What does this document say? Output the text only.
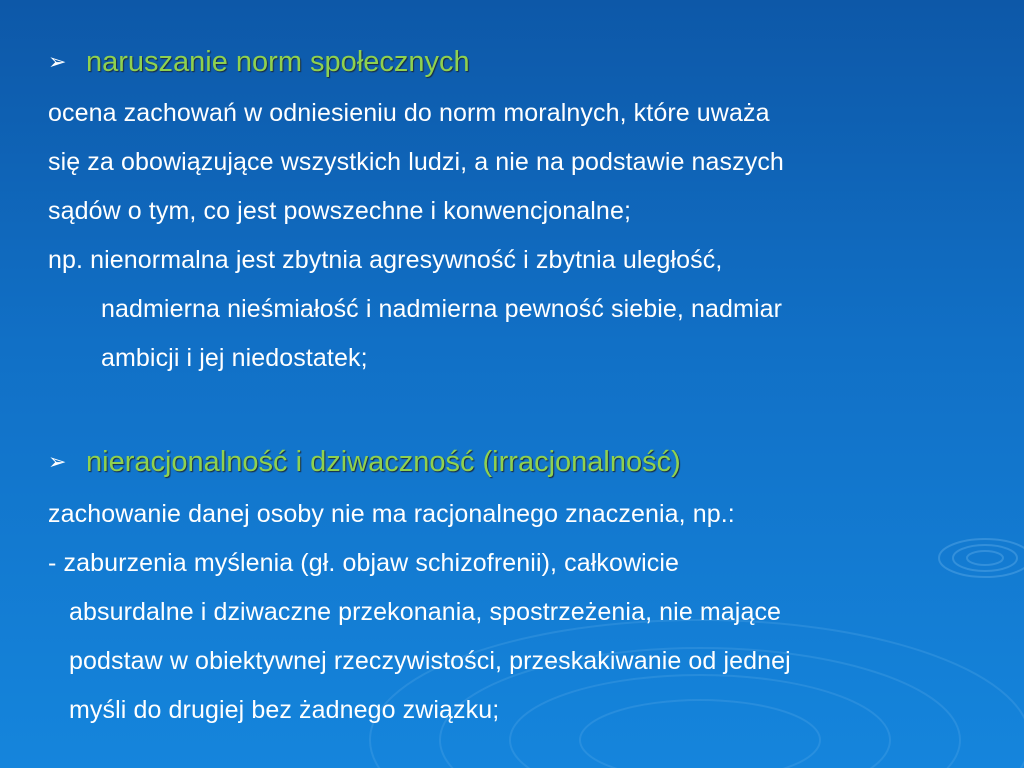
➢ naruszanie norm społecznych
ocena zachowań w odniesieniu do norm moralnych, które uważa
się za obowiązujące wszystkich ludzi, a nie na podstawie naszych
sądów o tym, co jest powszechne i konwencjonalne;
np. nienormalna jest zbytnia agresywność i zbytnia uległość,
nadmierna nieśmiałość i nadmierna pewność siebie, nadmiar
ambicji i jej niedostatek;
➢ nieracjonalność i dziwaczność (irracjonalność)
zachowanie danej osoby nie ma racjonalnego znaczenia, np.:
- zaburzenia myślenia (gł. objaw schizofrenii), całkowicie
absurdalne i dziwaczne przekonania, spostrzeżenia, nie mające
podstaw w obiektywnej rzeczywistości, przeskakiwanie od jednej
myśli do drugiej bez żadnego związku;
